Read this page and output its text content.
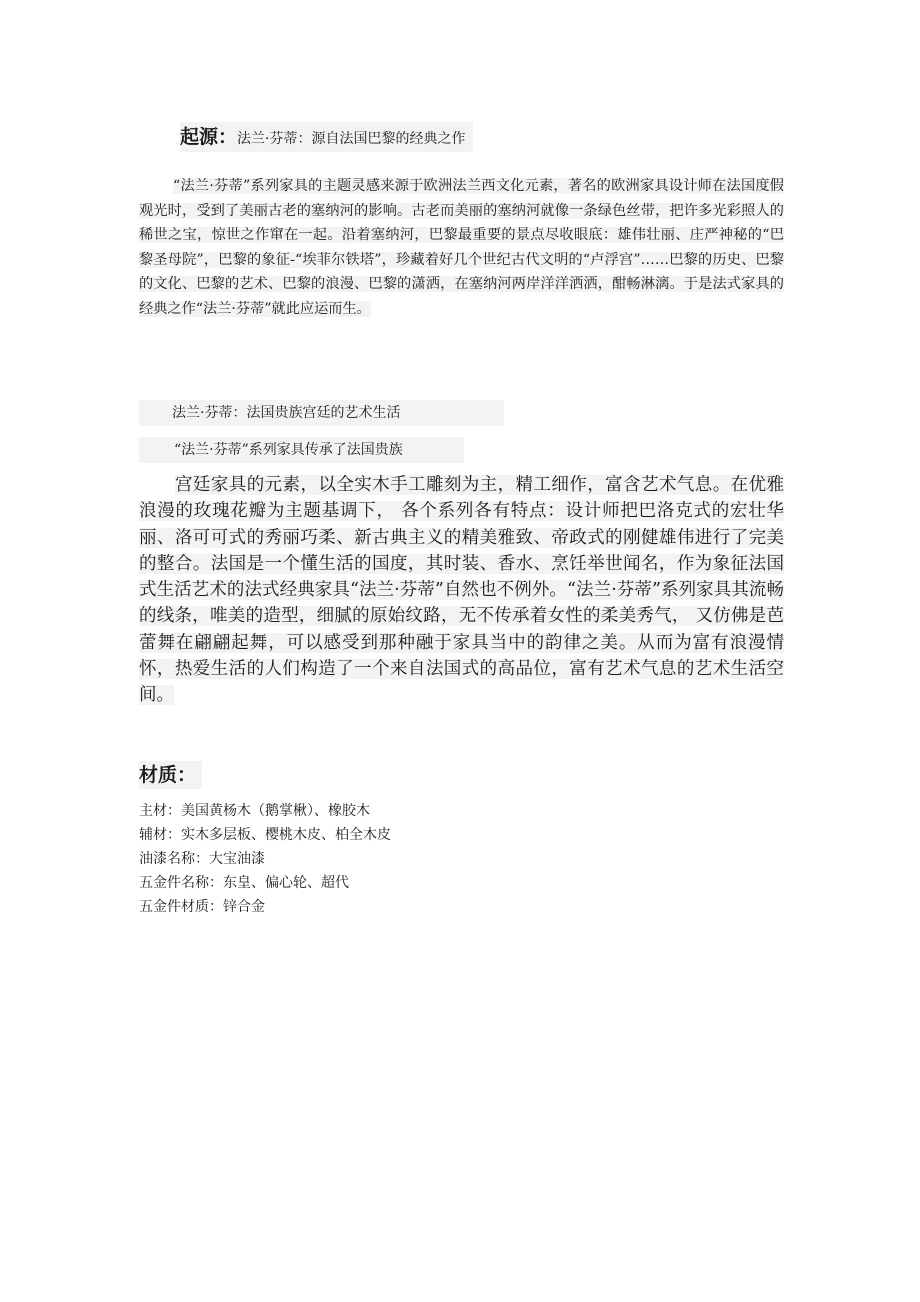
起源：法兰·芬蒂：源自法国巴黎的经典之作

“法兰·芬蒂”系列家具的主题灵感来源于欧洲法兰西文化元素，著名的欧洲家具设计师在法国度假观光时，受到了美丽古老的塞纳河的影响。古老而美丽的塞纳河就像一条绿色丝带，把许多光彩照人的稀世之宝，惊世之作窜在一起。沿着塞纳河，巴黎最重要的景点尽收眼底：雄伟壮丽、庄严神秘的“巴黎圣母院”，巴黎的象征-“埃菲尔铁塔”，珍藏着好几个世纪古代文明的“卢浮宫”……巴黎的历史、巴黎的文化、巴黎的艺术、巴黎的浪漫、巴黎的潇洒，在塞纳河两岸洋洋洒洒，酣畅淋漓。于是法式家具的经典之作“法兰·芬蒂”就此应运而生。

法兰·芬蒂：法国贵族宫廷的艺术生活
“法兰·芬蒂”系列家具传承了法国贵族

宫廷家具的元素，以全实木手工雕刻为主，精工细作，富含艺术气息。在优雅浪漫的玫瑰花瓣为主题基调下， 各个系列各有特点：设计师把巴洛克式的宏壮华丽、洛可可式的秀丽巧柔、新古典主义的精美雅致、帝政式的刚健雄伟进行了完美的整合。法国是一个懂生活的国度，其时装、香水、烹饪举世闻名，作为象征法国式生活艺术的法式经典家具“法兰·芬蒂”自然也不例外。“法兰·芬蒂”系列家具其流畅的线条，唯美的造型，细腻的原始纹路，无不传承着女性的柔美秀气， 又仿佛是芭蕾舞在翩翩起舞，可以感受到那种融于家具当中的韵律之美。从而为富有浪漫情怀，热爱生活的人们构造了一个来自法国式的高品位，富有艺术气息的艺术生活空间。

材质：
主材：美国黄杨木（鹅掌楸）、橡胶木
辅材：实木多层板、樱桃木皮、柏全木皮
油漆名称：大宝油漆
五金件名称：东皇、偏心轮、超代
五金件材质：锌合金
